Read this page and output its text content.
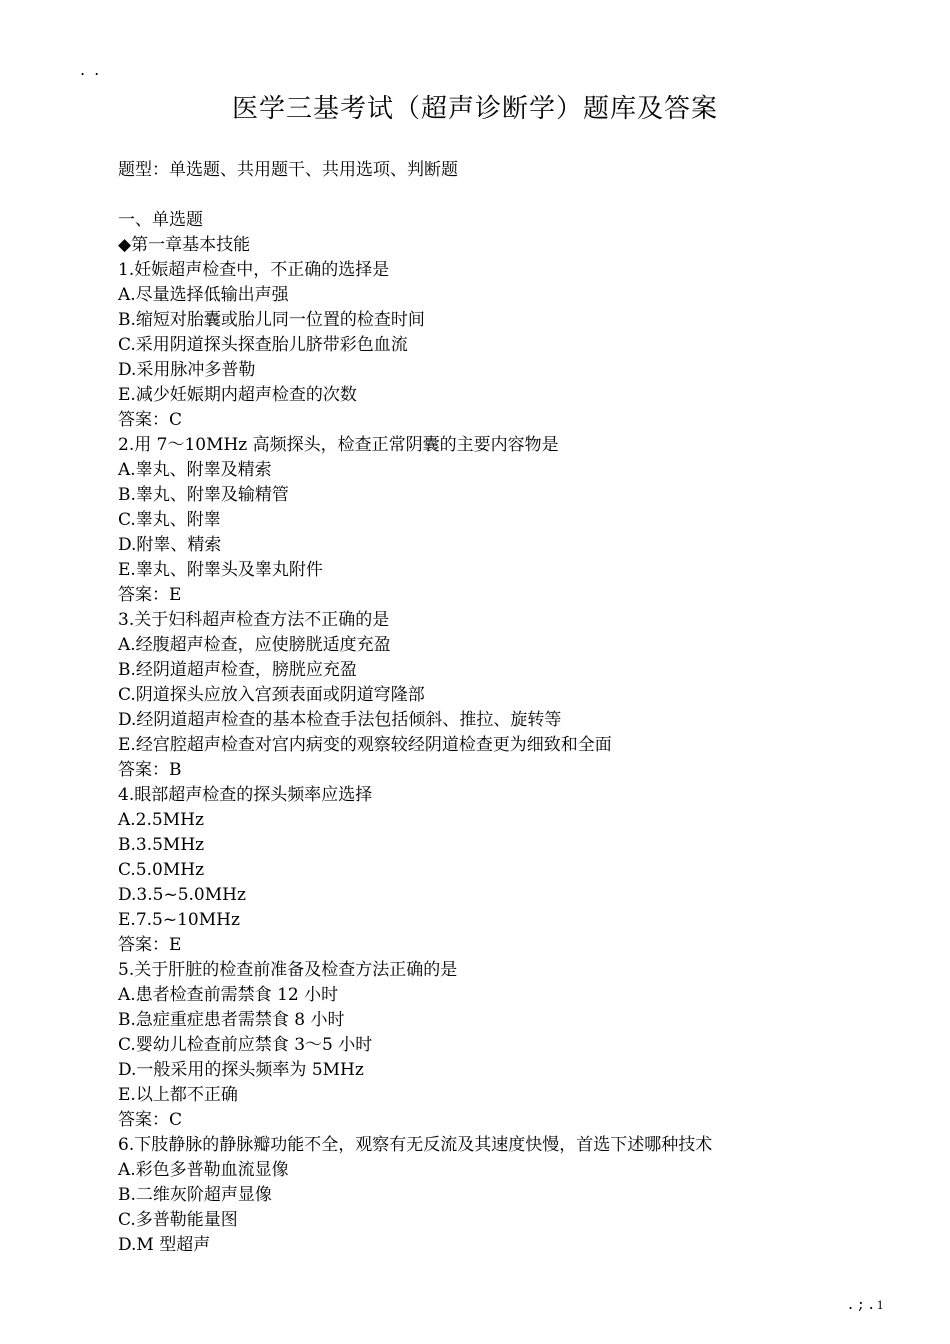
. .
医学三基考试（超声诊断学）题库及答案
题型：单选题、共用题干、共用选项、判断题
一、单选题
◆第一章基本技能
1.妊娠超声检查中，不正确的选择是
A.尽量选择低输出声强
B.缩短对胎囊或胎儿同一位置的检查时间
C.采用阴道探头探查胎儿脐带彩色血流
D.采用脉冲多普勒
E.减少妊娠期内超声检查的次数
答案：C
2.用 7～10MHz 高频探头，检查正常阴囊的主要内容物是
A.睾丸、附睾及精索
B.睾丸、附睾及输精管
C.睾丸、附睾
D.附睾、精索
E.睾丸、附睾头及睾丸附件
答案：E
3.关于妇科超声检查方法不正确的是
A.经腹超声检查，应使膀胱适度充盈
B.经阴道超声检查，膀胱应充盈
C.阴道探头应放入宫颈表面或阴道穹隆部
D.经阴道超声检查的基本检查手法包括倾斜、推拉、旋转等
E.经宫腔超声检查对宫内病变的观察较经阴道检查更为细致和全面
答案：B
4.眼部超声检查的探头频率应选择
A.2.5MHz
B.3.5MHz
C.5.0MHz
D.3.5~5.0MHz
E.7.5~10MHz
答案：E
5.关于肝脏的检查前准备及检查方法正确的是
A.患者检查前需禁食 12 小时
B.急症重症患者需禁食 8 小时
C.婴幼儿检查前应禁食 3～5 小时
D.一般采用的探头频率为 5MHz
E.以上都不正确
答案：C
6.下肢静脉的静脉瓣功能不全，观察有无反流及其速度快慢，首选下述哪种技术
A.彩色多普勒血流显像
B.二维灰阶超声显像
C.多普勒能量图
D.M 型超声
. ; . 1
